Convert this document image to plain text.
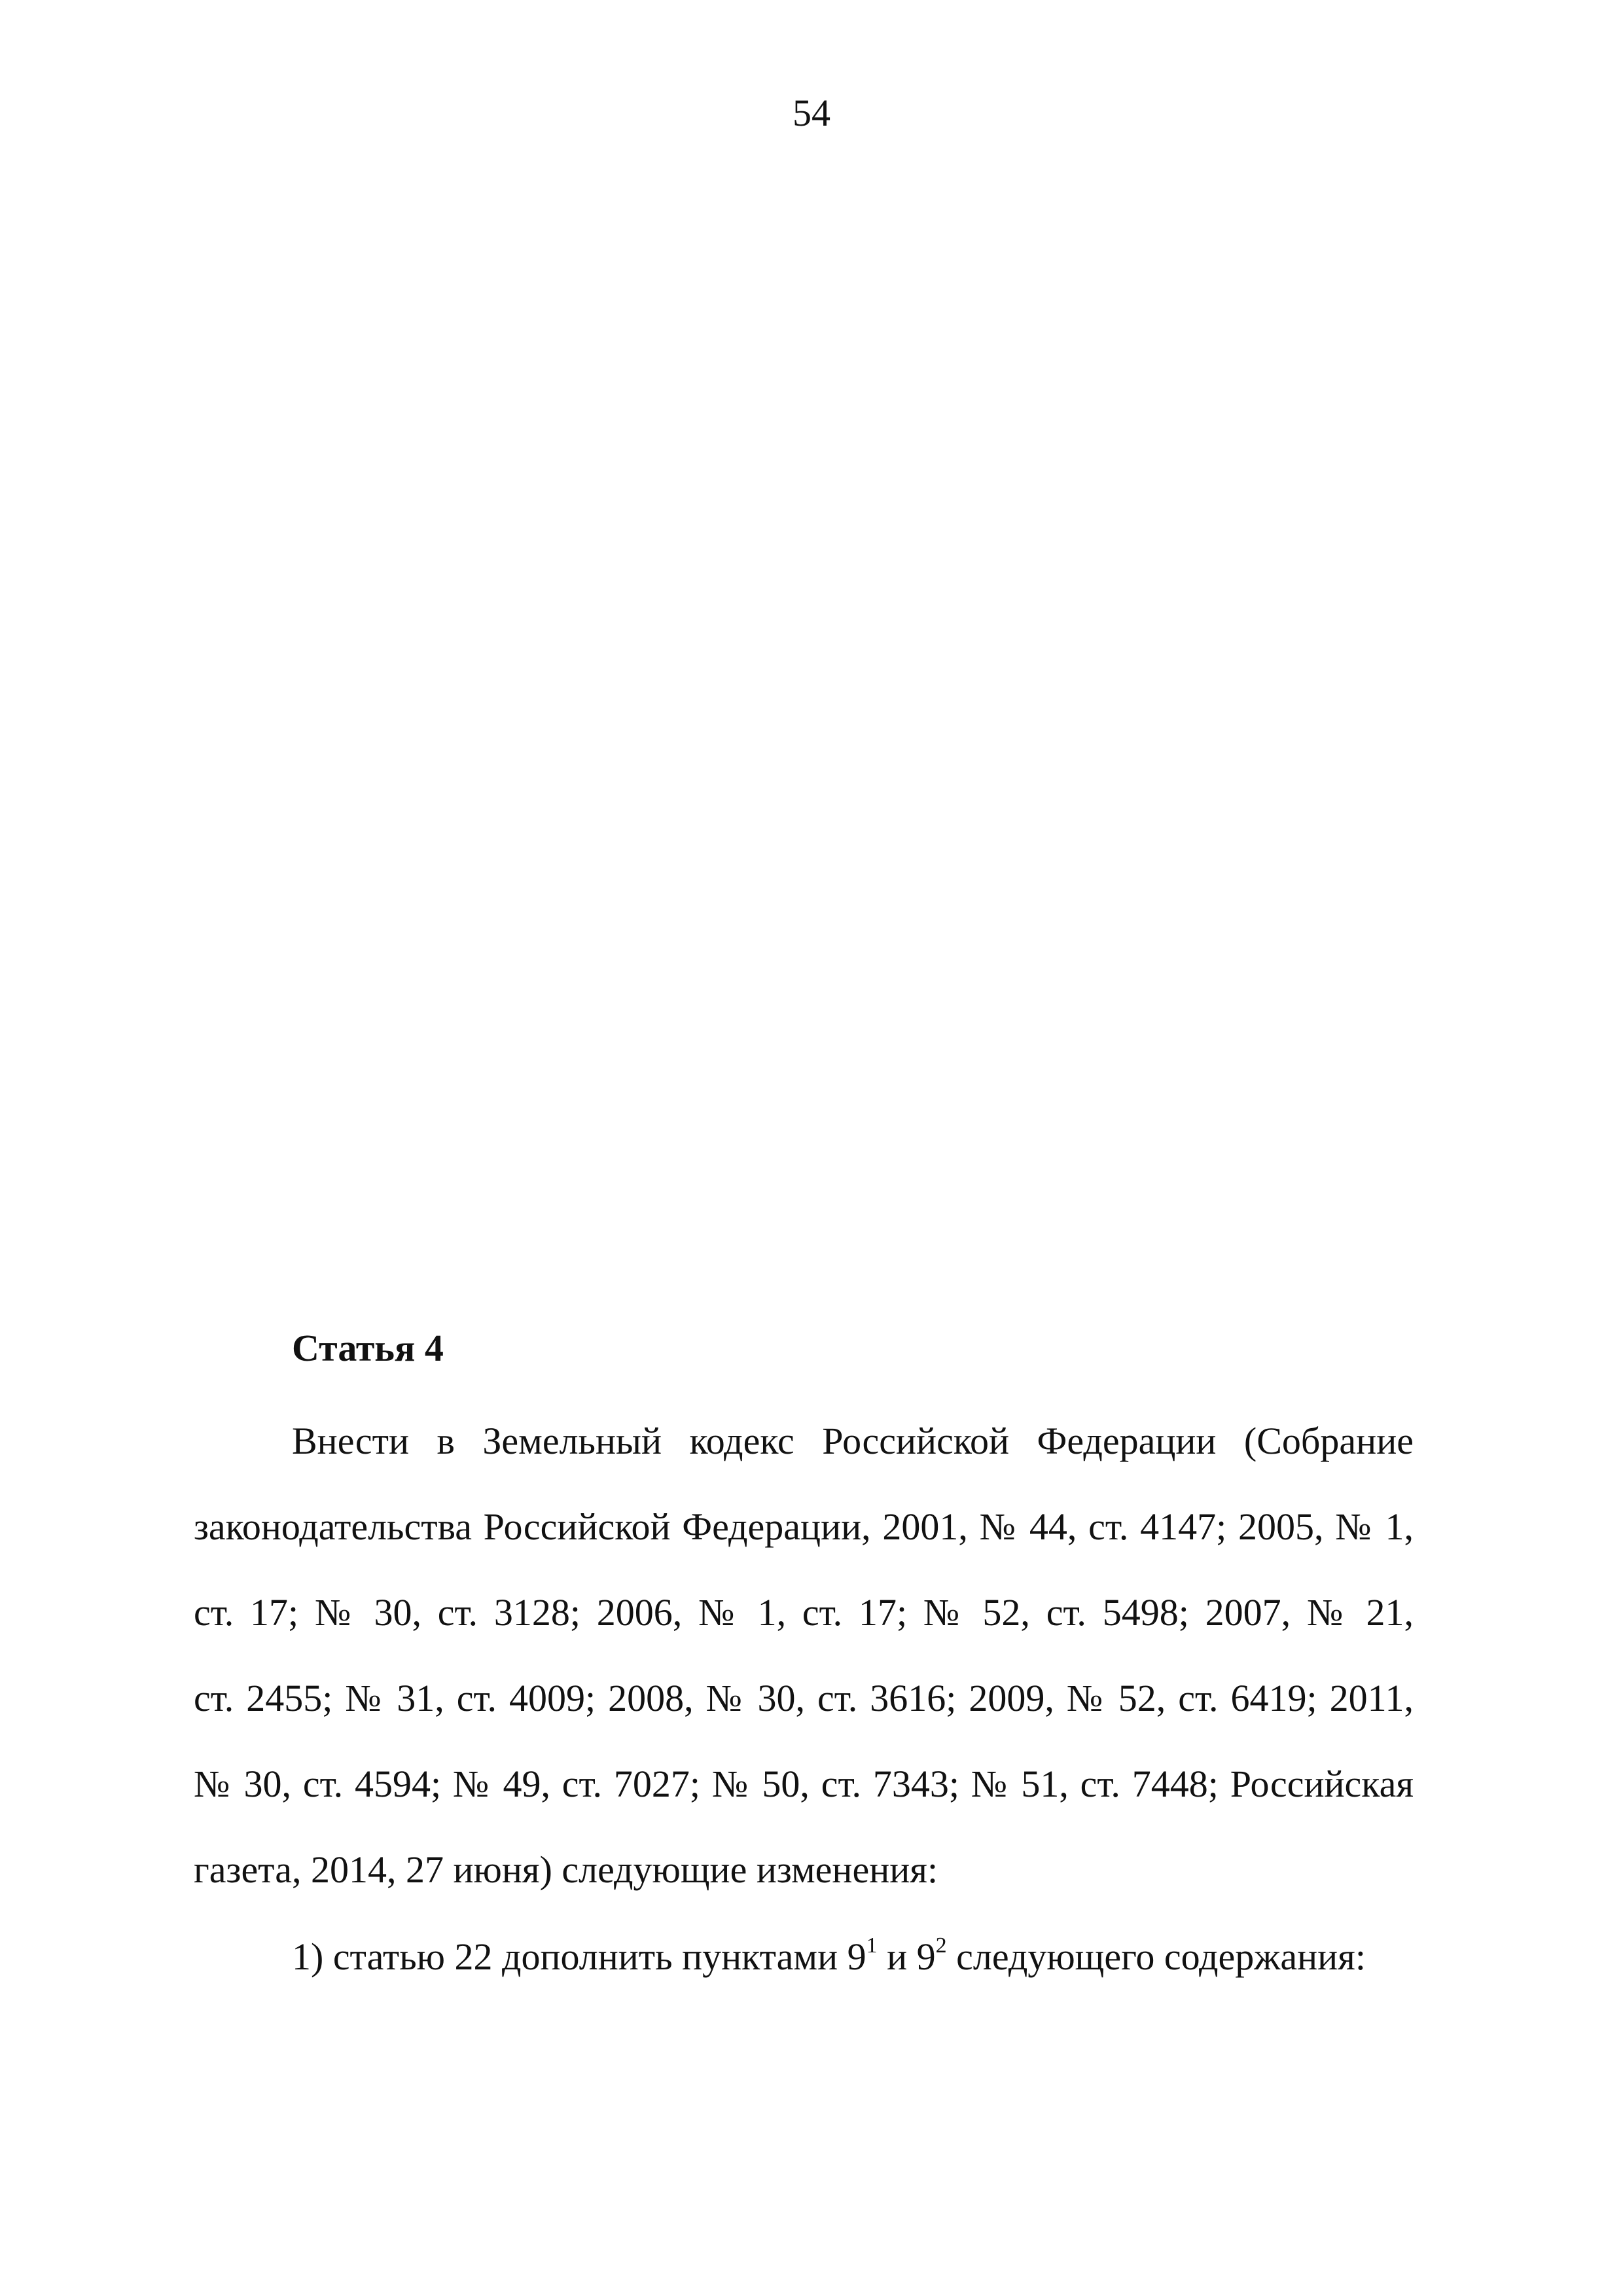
54
Статья 4
Внести в Земельный кодекс Российской Федерации (Собрание
законодательства Российской Федерации, 2001, № 44, ст. 4147; 2005, № 1,
ст. 17; № 30, ст. 3128; 2006, № 1, ст. 17; № 52, ст. 5498; 2007, № 21,
ст. 2455; № 31, ст. 4009; 2008, № 30, ст. 3616; 2009, № 52, ст. 6419; 2011,
№ 30, ст. 4594; № 49, ст. 7027; № 50, ст. 7343; № 51, ст. 7448; Российская
газета, 2014, 27 июня) следующие изменения:
1) статью 22 дополнить пунктами $9^1$ и $9^2$ следующего содержания:
